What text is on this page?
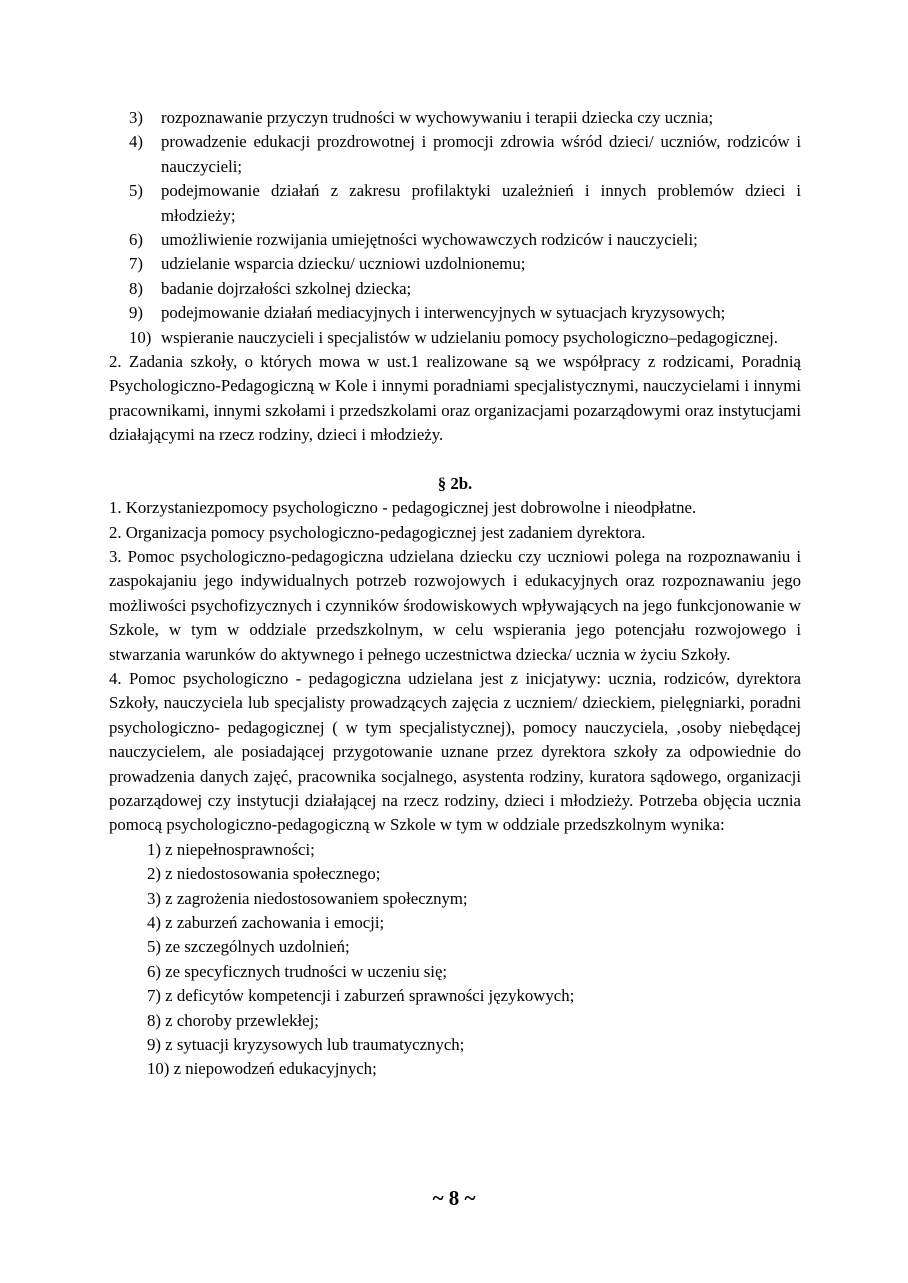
3) rozpoznawanie przyczyn trudności w wychowywaniu i terapii dziecka czy ucznia;
4) prowadzenie edukacji prozdrowotnej i promocji zdrowia wśród dzieci/ uczniów, rodziców i nauczycieli;
5) podejmowanie działań z zakresu profilaktyki uzależnień i innych problemów dzieci i młodzieży;
6) umożliwienie rozwijania umiejętności wychowawczych rodziców i nauczycieli;
7) udzielanie wsparcia dziecku/ uczniowi uzdolnionemu;
8) badanie dojrzałości szkolnej dziecka;
9) podejmowanie działań mediacyjnych i interwencyjnych w sytuacjach kryzysowych;
10) wspieranie nauczycieli i specjalistów w udzielaniu pomocy psychologiczno–pedagogicznej.

2. Zadania szkoły, o których mowa w ust.1 realizowane są we współpracy z rodzicami, Poradnią Psychologiczno-Pedagogiczną w Kole i innymi poradniami specjalistycznymi, nauczycielami i innymi pracownikami, innymi szkołami i przedszkolami oraz organizacjami pozarządowymi oraz instytucjami działającymi na rzecz rodziny, dzieci i młodzieży.

§ 2b.

1. Korzystaniezpomocy psychologiczno - pedagogicznej jest dobrowolne i nieodpłatne.

2. Organizacja pomocy psychologiczno-pedagogicznej jest zadaniem dyrektora.

3. Pomoc psychologiczno-pedagogiczna udzielana dziecku czy uczniowi polega na rozpoznawaniu i zaspokajaniu jego indywidualnych potrzeb rozwojowych i edukacyjnych oraz rozpoznawaniu jego możliwości psychofizycznych i czynników środowiskowych wpływających na jego funkcjonowanie w Szkole, w tym w oddziale przedszkolnym, w celu wspierania jego potencjału rozwojowego i stwarzania warunków do aktywnego i pełnego uczestnictwa dziecka/ ucznia w życiu Szkoły.

4. Pomoc psychologiczno - pedagogiczna udzielana jest z inicjatywy: ucznia, rodziców, dyrektora Szkoły, nauczyciela lub specjalisty prowadzących zajęcia z uczniem/ dzieckiem, pielęgniarki, poradni psychologiczno- pedagogicznej ( w tym specjalistycznej), pomocy nauczyciela, ‚osoby niebędącej nauczycielem, ale posiadającej przygotowanie uznane przez dyrektora szkoły za odpowiednie do prowadzenia danych zajęć, pracownika socjalnego, asystenta rodziny, kuratora sądowego, organizacji pozarządowej czy instytucji działającej na rzecz rodziny, dzieci i młodzieży. Potrzeba objęcia ucznia pomocą psychologiczno-pedagogiczną w Szkole w tym w oddziale przedszkolnym wynika:

1) z niepełnosprawności;
2) z niedostosowania społecznego;
3) z zagrożenia niedostosowaniem społecznym;
4) z zaburzeń zachowania i emocji;
5) ze szczególnych uzdolnień;
6) ze specyficznych trudności w uczeniu się;
7) z deficytów kompetencji i zaburzeń sprawności językowych;
8) z choroby przewlekłej;
9) z sytuacji kryzysowych lub traumatycznych;
10) z niepowodzeń edukacyjnych;
~ 8 ~
